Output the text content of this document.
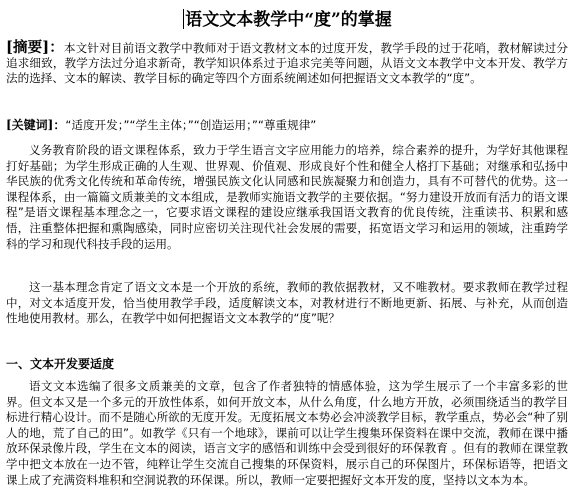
语文文本教学中“度”的掌握

[摘要]：本文针对目前语文教学中教师对于语文教材文本的过度开发，教学手段的过于花哨，教材解读过分追求细致，教学方法过分追求新奇，教学知识体系过于追求完美等问题，从语文文本教学中文本开发、教学方法的选择、文本的解读、教学目标的确定等四个方面系统阐述如何把握语文文本教学的“度”。

[关键词]：“适度开发；”“学生主体；”“创造运用；”“尊重规律”

义务教育阶段的语文课程体系，致力于学生语言文字应用能力的培养，综合素养的提升，为学好其他课程打好基础；为学生形成正确的人生观、世界观、价值观、形成良好个性和健全人格打下基础；对继承和弘扬中华民族的优秀文化传统和革命传统，增强民族文化认同感和民族凝聚力和创造力，具有不可替代的优势。这一课程体系，由一篇篇文质兼美的文本组成，是教师实施语文教学的主要依据。“努力建设开放而有活力的语文课程”是语文课程基本理念之一，它要求语文课程的建设应继承我国语文教育的优良传统，注重读书、积累和感悟，注重整体把握和熏陶感染，同时应密切关注现代社会发展的需要，拓宽语文学习和运用的领域，注重跨学科的学习和现代科技手段的运用。

这一基本理念肯定了语文文本是一个开放的系统，教师的教依据教材，又不唯教材。要求教师在教学过程中，对文本适度开发，恰当使用教学手段，适度解读文本，对教材进行不断地更新、拓展、与补充，从而创造性地使用教材。那么，在教学中如何把握语文文本教学的“度”呢？

一、文本开发要适度

语文文本选编了很多文质兼美的文章，包含了作者独特的情感体验，这为学生展示了一个丰富多彩的世界。但文本又是一个多元的开放性体系，如何开放文本，从什么角度，什么地方开放，必须围绕适当的教学目标进行精心设计。而不是随心所欲的无度开发。无度拓展文本势必会冲淡教学目标，教学重点，势必会“种了别人的地，荒了自己的田”。如教学《只有一个地球》，课前可以让学生搜集环保资料在课中交流，教师在课中播放环保录像片段，学生在文本的阅读，语言文字的感悟和训练中会受到很好的环保教育 。但有的教师在课堂教学中把文本放在一边不管，纯粹让学生交流自己搜集的环保资料，展示自己的环保图片，环保标语等，把语文课上成了充满资料堆积和空洞说教的环保课。所以，教师一定要把握好文本开发的度，坚持以文本为本。
